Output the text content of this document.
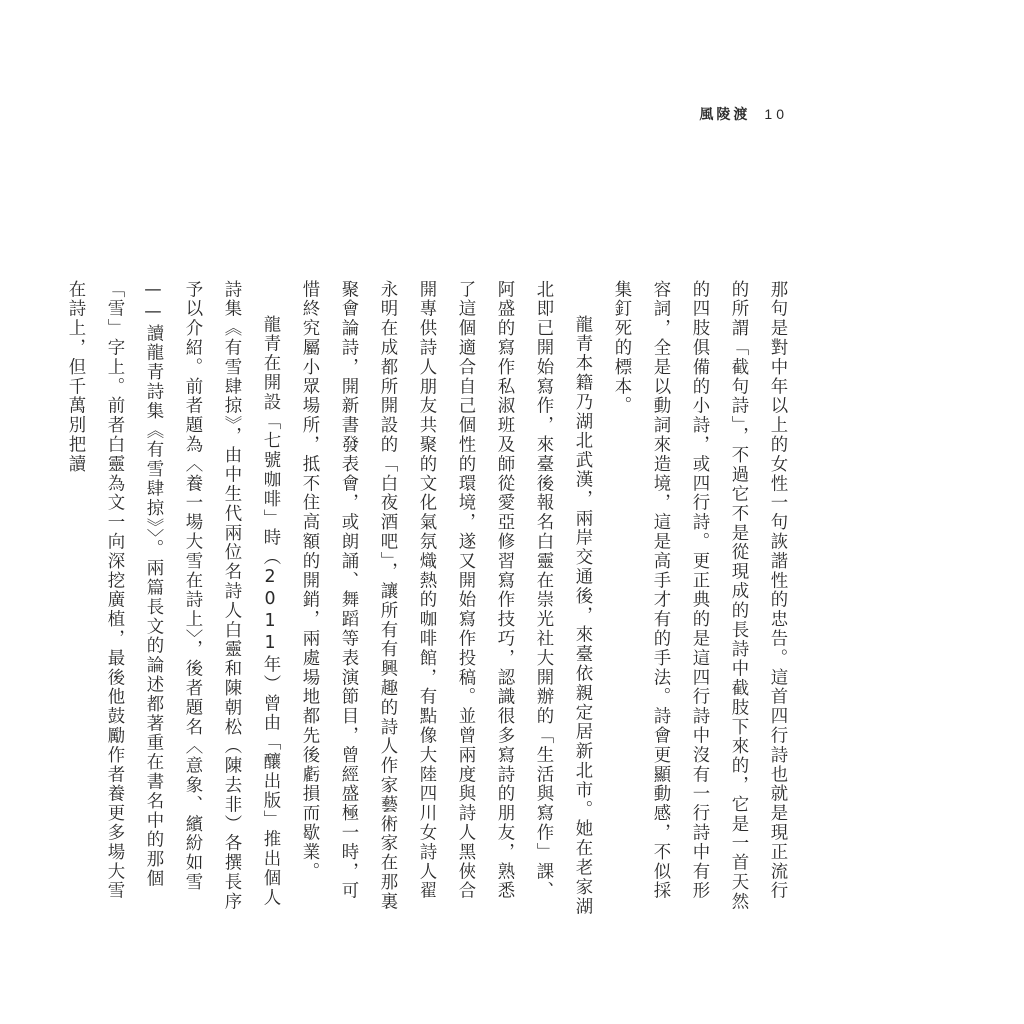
風陵渡 10

那句是對中年以上的女性一句詼諧性的忠告。這首四行詩也就是現正流行的所謂「截句詩」，不過它不是從現成的長詩中截肢下來的，它是一首天然的四肢俱備的小詩，或四行詩。更正典的是這四行詩中沒有一行詩中有形容詞，全是以動詞來造境，這是高手才有的手法。詩會更顯動感，不似採集釘死的標本。

龍青本籍乃湖北武漢，兩岸交通後，來臺依親定居新北市。她在老家湖北即已開始寫作，來臺後報名白靈在崇光社大開辦的「生活與寫作」課、阿盛的寫作私淑班及師從愛亞修習寫作技巧，認識很多寫詩的朋友，熟悉了這個適合自己個性的環境，遂又開始寫作投稿。並曾兩度與詩人黑俠合開專供詩人朋友共聚的文化氣氛熾熱的咖啡館，有點像大陸四川女詩人翟永明在成都所開設的「白夜酒吧」，讓所有有興趣的詩人作家藝術家在那裏聚會論詩，開新書發表會，或朗誦、舞蹈等表演節目，曾經盛極一時，可惜終究屬小眾場所，抵不住高額的開銷，兩處場地都先後虧損而歇業。

龍青在開設「七號咖啡」時（2011年）曾由「釀出版」推出個人詩集《有雪肆掠》，由中生代兩位名詩人白靈和陳朝松（陳去非）各撰長序予以介紹。前者題為〈養一場大雪在詩上〉，後者題名〈意象、繽紛如雪——讀龍青詩集《有雪肆掠》〉。兩篇長文的論述都著重在書名中的那個「雪」字上。前者白靈為文一向深挖廣植，最後他鼓勵作者養更多場大雪在詩上，但千萬別把讀
